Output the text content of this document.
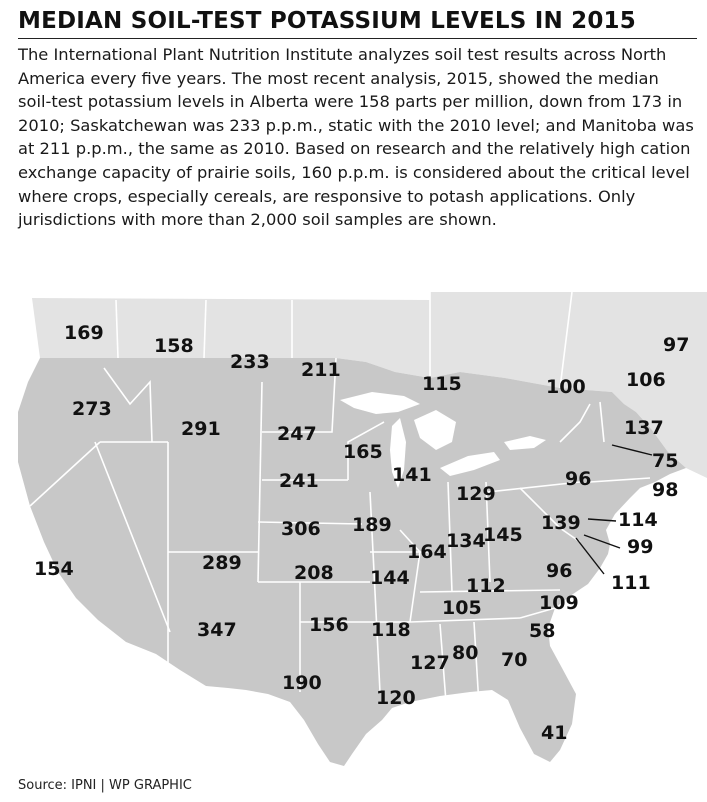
MEDIAN SOIL-TEST POTASSIUM LEVELS IN 2015

The International Plant Nutrition Institute analyzes soil test results across North America every five years. The most recent analysis, 2015, showed the median soil-test potassium levels in Alberta were 158 parts per million, down from 173 in 2010; Saskatchewan was 233 p.p.m., static with the 2010 level; and Manitoba was at 211 p.p.m., the same as 2010. Based on research and the relatively high cation exchange capacity of prairie soils, 160 p.p.m. is considered about the critical level where crops, especially cereals, are responsive to potash applications. Only jurisdictions with more than 2,000 soil samples are shown.

169
158
233 211
115	100 106
97
273
291	247
165
137
75
98
241	141
129
96
114
306 189	139
99
111
154	289	208
164 134
145
144	112
96
347	156 118
105	109
58
190
127 80 70
120
41
Source: IPNI | WP GRAPHIC
